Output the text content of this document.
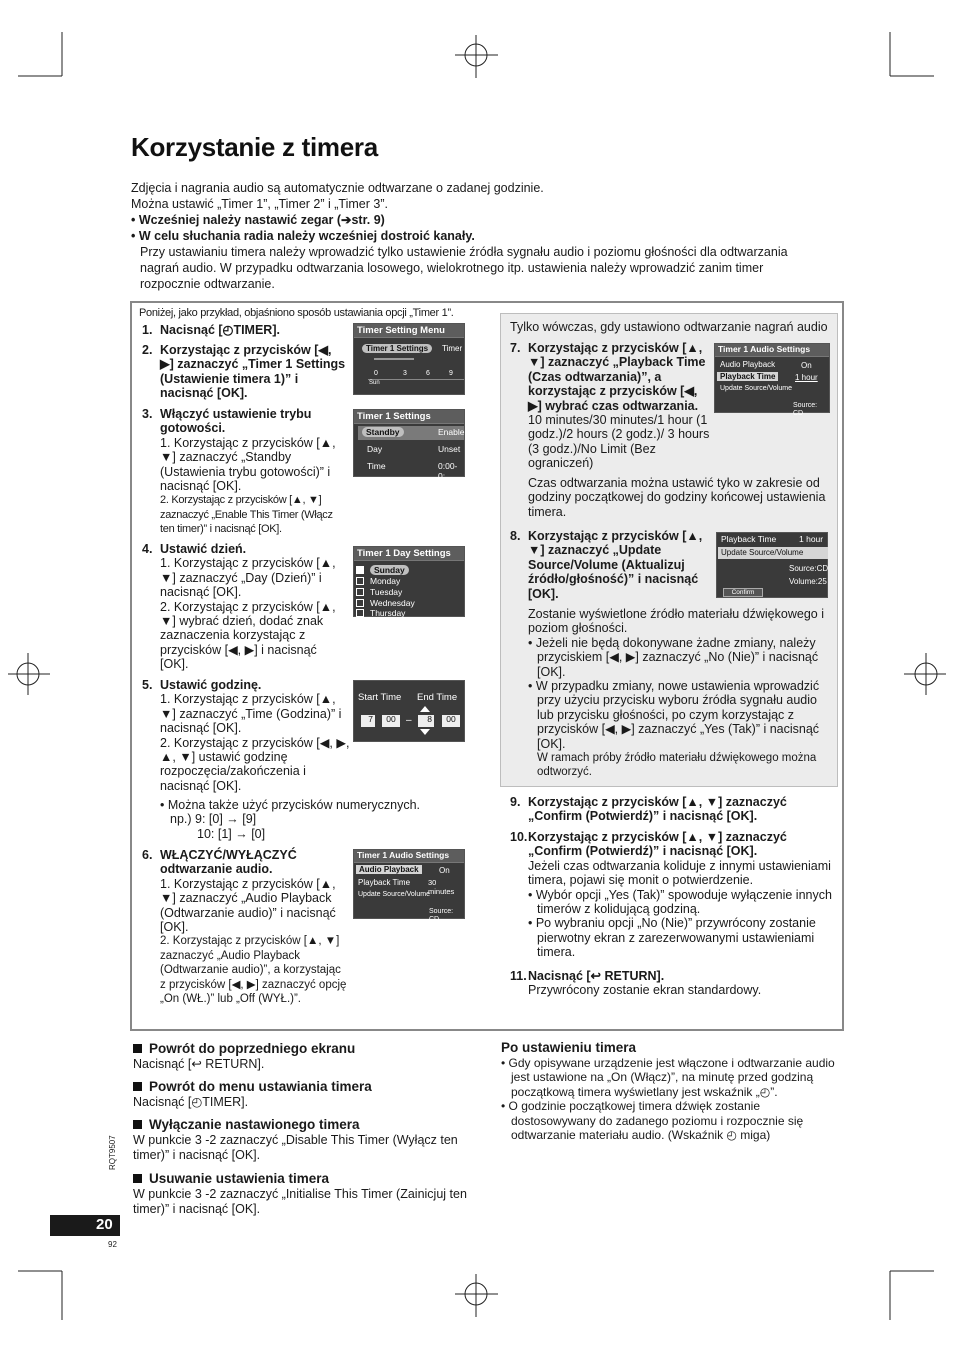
Korzystanie z timera

Zdjęcia i nagrania audio są automatycznie odtwarzane o zadanej godzinie.

Można ustawić „Timer 1”, „Timer 2” i „Timer 3”.

• Wcześniej należy nastawić zegar (➔str. 9)

• W celu słuchania radia należy wcześniej dostroić kanały.

Przy ustawianiu timera należy wprowadzić tylko ustawienie źródła sygnału audio i poziomu głośności dla odtwarzania nagrań audio. W przypadku odtwarzania losowego, wielokrotnego itp. ustawienia należy wprowadzić zanim timer rozpocznie odtwarzanie.

Poniżej, jako przykład, objaśniono sposób ustawiania opcji „Timer 1”.
Tylko wówczas, gdy ustawiono odtwarzanie nagrań audio
1. Nacisnąć [◴TIMER].
2. Korzystając z przycisków [◀, ▶] zaznaczyć „Timer 1 Settings (Ustawienie timera 1)” i nacisnąć [OK].
3. Włączyć ustawienie trybu gotowości.
1. Korzystając z przycisków [▲, ▼] zaznaczyć „Standby (Ustawienia trybu gotowości)” i nacisnąć [OK].
2. Korzystając z przycisków [▲, ▼] zaznaczyć „Enable This Timer (Włącz ten timer)” i nacisnąć [OK].
4. Ustawić dzień.
1. Korzystając z przycisków [▲, ▼] zaznaczyć „Day (Dzień)” i nacisnąć [OK].
2. Korzystając z przycisków [▲, ▼] wybrać dzień, dodać znak zaznaczenia korzystając z przycisków [◀, ▶] i nacisnąć [OK].
5. Ustawić godzinę.
1. Korzystając z przycisków [▲, ▼] zaznaczyć „Time (Godzina)” i nacisnąć [OK].
2. Korzystając z przycisków [◀, ▶, ▲, ▼] ustawić godzinę rozpoczęcia/zakończenia i nacisnąć [OK].
• Można także użyć przycisków numerycznych.
np.) 9: [0] → [9]
10: [1] → [0]
6. WŁĄCZYĆ/WYŁĄCZYĆ odtwarzanie audio.
1. Korzystając z przycisków [▲, ▼] zaznaczyć „Audio Playback (Odtwarzanie audio)” i nacisnąć [OK].
2. Korzystając z przycisków [▲, ▼] zaznaczyć „Audio Playback (Odtwarzanie audio)”, a korzystając z przycisków [◀, ▶] zaznaczyć opcję „On (WŁ.)” lub „Off (WYŁ.)”.
Timer Setting Menu
Timer 1 Settings	Timer
0	3	6	9
Sun
Timer 1 Settings
Standby	Enable
Day	Unset
Time	0:00-0:
Timer 1 Day Settings
Sunday
Monday
Tuesday
Wednesday
Thursday
Start Time End Time
7	00	–	8	00
Timer 1 Audio Settings
Audio Playback	On
Playback Time 30 minutes
Update Source/Volume
Source: CD
7. Korzystając z przycisków [▲, ▼] zaznaczyć „Playback Time (Czas odtwarzania)”, a korzystając z przycisków [◀, ▶] wybrać czas odtwarzania.
10 minutes/30 minutes/1 hour (1 godz.)/2 hours (2 godz.)/ 3 hours (3 godz.)/No Limit (Bez ograniczeń)
Czas odtwarzania można ustawić tyko w zakresie od godziny początkowej do godziny końcowej ustawienia timera.
8. Korzystając z przycisków [▲, ▼] zaznaczyć „Update Source/Volume (Aktualizuj źródło/głośność)” i nacisnąć [OK].
Zostanie wyświetlone źródło materiału dźwiękowego i poziom głośności.
• Jeżeli nie będą dokonywane żadne zmiany, należy przyciskiem [◀, ▶] zaznaczyć „No (Nie)” i nacisnąć [OK].
• W przypadku zmiany, nowe ustawienia wprowadzić przy użyciu przycisku wyboru źródła sygnału audio lub przycisku głośności, po czym korzystając z przycisków [◀, ▶] zaznaczyć „Yes (Tak)” i nacisnąć [OK].
W ramach próby źródło materiału dźwiękowego można odtworzyć.
9. Korzystając z przycisków [▲, ▼] zaznaczyć „Confirm (Potwierdź)” i nacisnąć [OK].
10. Korzystając z przycisków [▲, ▼] zaznaczyć „Confirm (Potwierdź)” i nacisnąć [OK].
Jeżeli czas odtwarzania koliduje z innymi ustawieniami timera, pojawi się monit o potwierdzenie.
• Wybór opcji „Yes (Tak)” spowoduje wyłączenie innych timerów z kolidującą godziną.
• Po wybraniu opcji „No (Nie)” przywrócony zostanie pierwotny ekran z zarezerwowanymi ustawieniami timera.
11. Nacisnąć [↩ RETURN].
Przywrócony zostanie ekran standardowy.
Timer 1 Audio Settings
Audio Playback	On
Playback Time	1 hour
Update Source/Volume
Source: CD
Playback Time	1 hour
Update Source/Volume
Source:CD
Volume:25
Confirm
Powrót do poprzedniego ekranu
Nacisnąć [↩ RETURN].
Powrót do menu ustawiania timera
Nacisnąć [◴TIMER].
Wyłączanie nastawionego timera
W punkcie 3 -2 zaznaczyć „Disable This Timer (Wyłącz ten timer)” i nacisnąć [OK].
Usuwanie ustawienia timera
W punkcie 3 -2 zaznaczyć „Initialise This Timer (Zainicjuj ten timer)” i nacisnąć [OK].
Po ustawieniu timera
• Gdy opisywane urządzenie jest włączone i odtwarzanie audio jest ustawione na „On (Włącz)”, na minutę przed godziną początkową timera wyświetlany jest wskaźnik „◴”.
• O godzinie początkowej timera dźwięk zostanie dostosowywany do zadanego poziomu i rozpocznie się odtwarzanie materiału audio. (Wskaźnik ◴ miga)
20
RQT9507
92
